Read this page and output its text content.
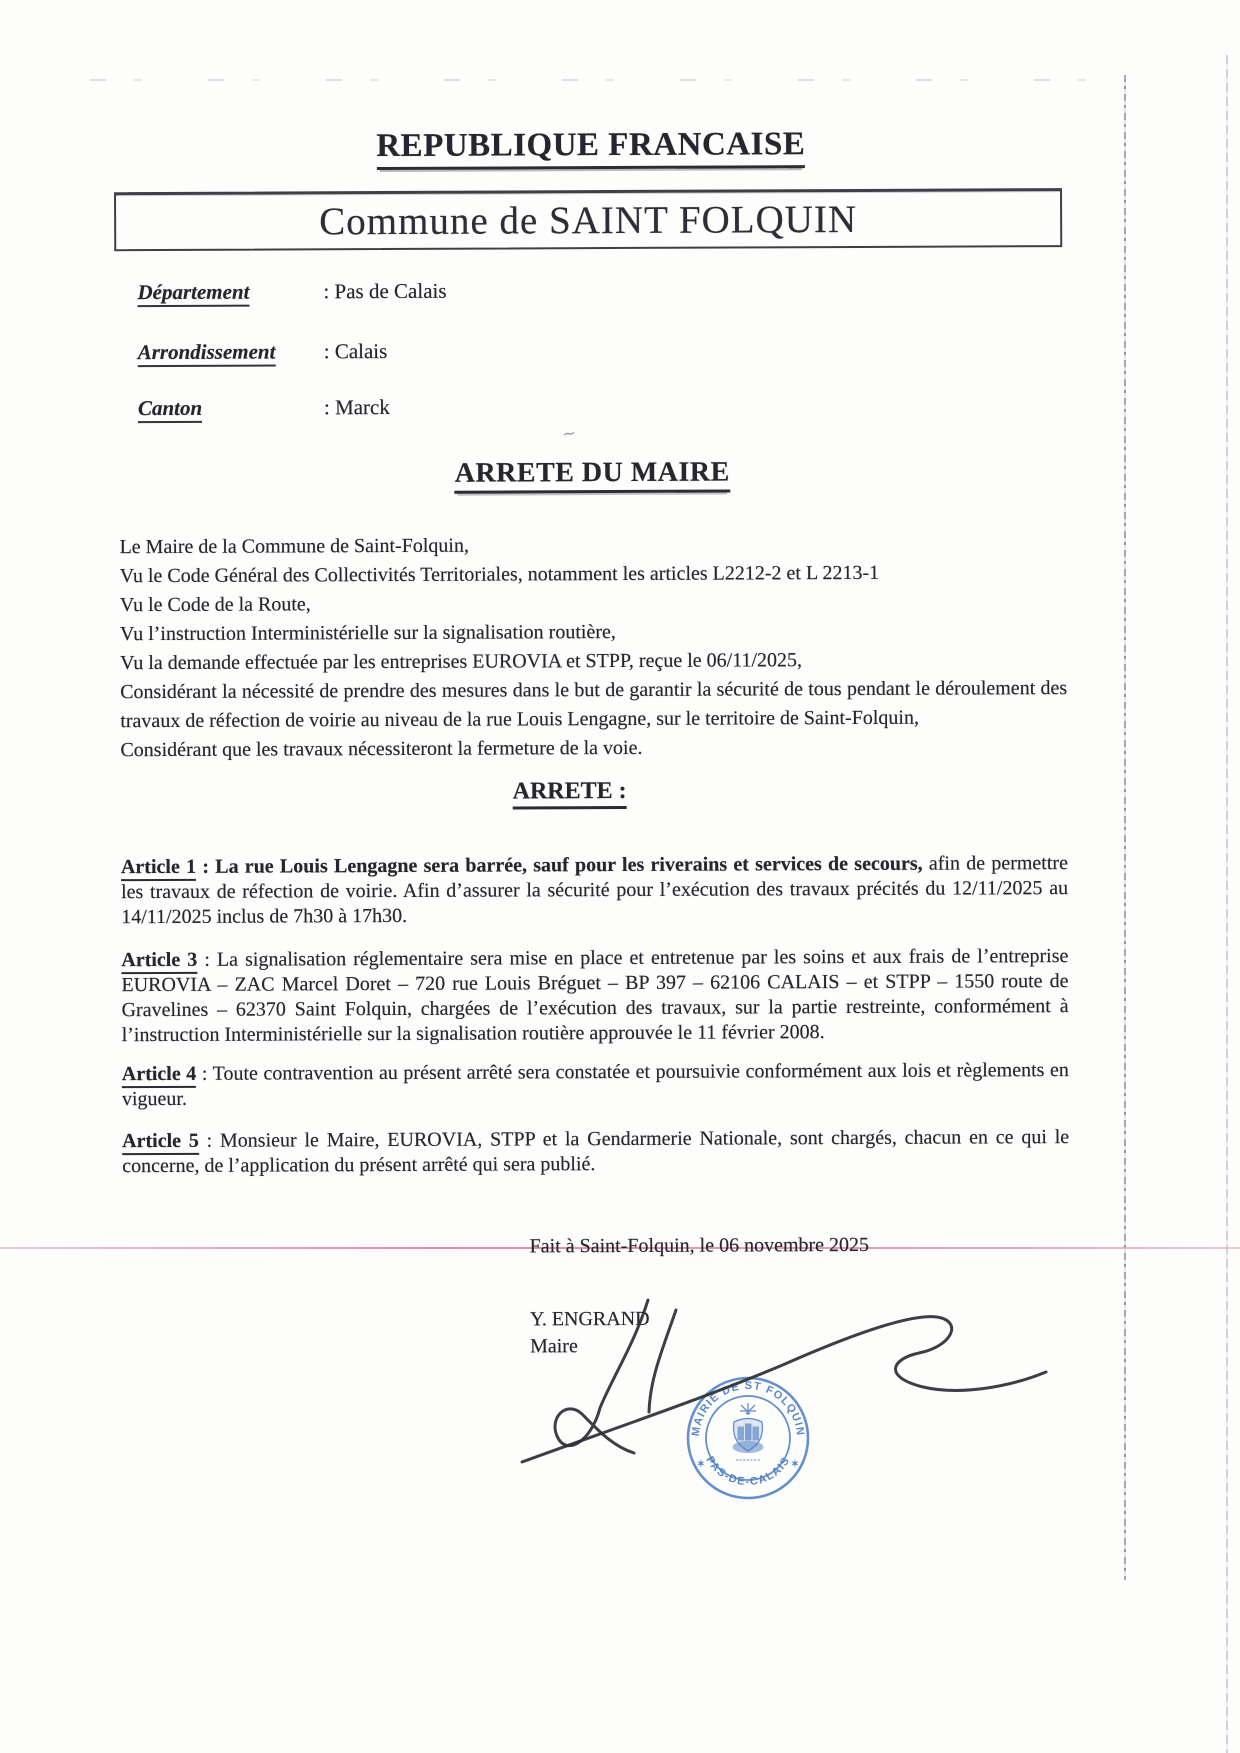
∼
REPUBLIQUE FRANCAISE
Commune de SAINT FOLQUIN
Département	: Pas de Calais
Arrondissement : Calais
Canton	: Marck
ARRETE DU MAIRE
Le Maire de la Commune de Saint-Folquin,
Vu le Code Général des Collectivités Territoriales, notamment les articles L2212-2 et L 2213-1
Vu le Code de la Route,
Vu l’instruction Interministérielle sur la signalisation routière,
Vu la demande effectuée par les entreprises EUROVIA et STPP, reçue le 06/11/2025,
Considérant la nécessité de prendre des mesures dans le but de garantir la sécurité de tous pendant le déroulement des travaux de réfection de voirie au niveau de la rue Louis Lengagne, sur le territoire de Saint-Folquin,
Considérant que les travaux nécessiteront la fermeture de la voie.
ARRETE :

Article 1 : La rue Louis Lengagne sera barrée, sauf pour les riverains et services de secours, afin de permettre les travaux de réfection de voirie. Afin d’assurer la sécurité pour l’exécution des travaux précités du 12/11/2025 au 14/11/2025 inclus de 7h30 à 17h30.

Article 3 : La signalisation réglementaire sera mise en place et entretenue par les soins et aux frais de l’entreprise EUROVIA – ZAC Marcel Doret – 720 rue Louis Bréguet – BP 397 – 62106 CALAIS – et STPP – 1550 route de Gravelines – 62370 Saint Folquin, chargées de l’exécution des travaux, sur la partie restreinte, conformément à l’instruction Interministérielle sur la signalisation routière approuvée le 11 février 2008.

Article 4 : Toute contravention au présent arrêté sera constatée et poursuivie conformément aux lois et règlements en vigueur.

Article 5 : Monsieur le Maire, EUROVIA, STPP et la Gendarmerie Nationale, sont chargés, chacun en ce qui le concerne, de l’application du présent arrêté qui sera publié.

Fait à Saint-Folquin, le 06 novembre 2025
Y. ENGRAND
Maire
MAIRIE DE ST FOLQUIN
PAS-DE-CALAIS
✶	✶
